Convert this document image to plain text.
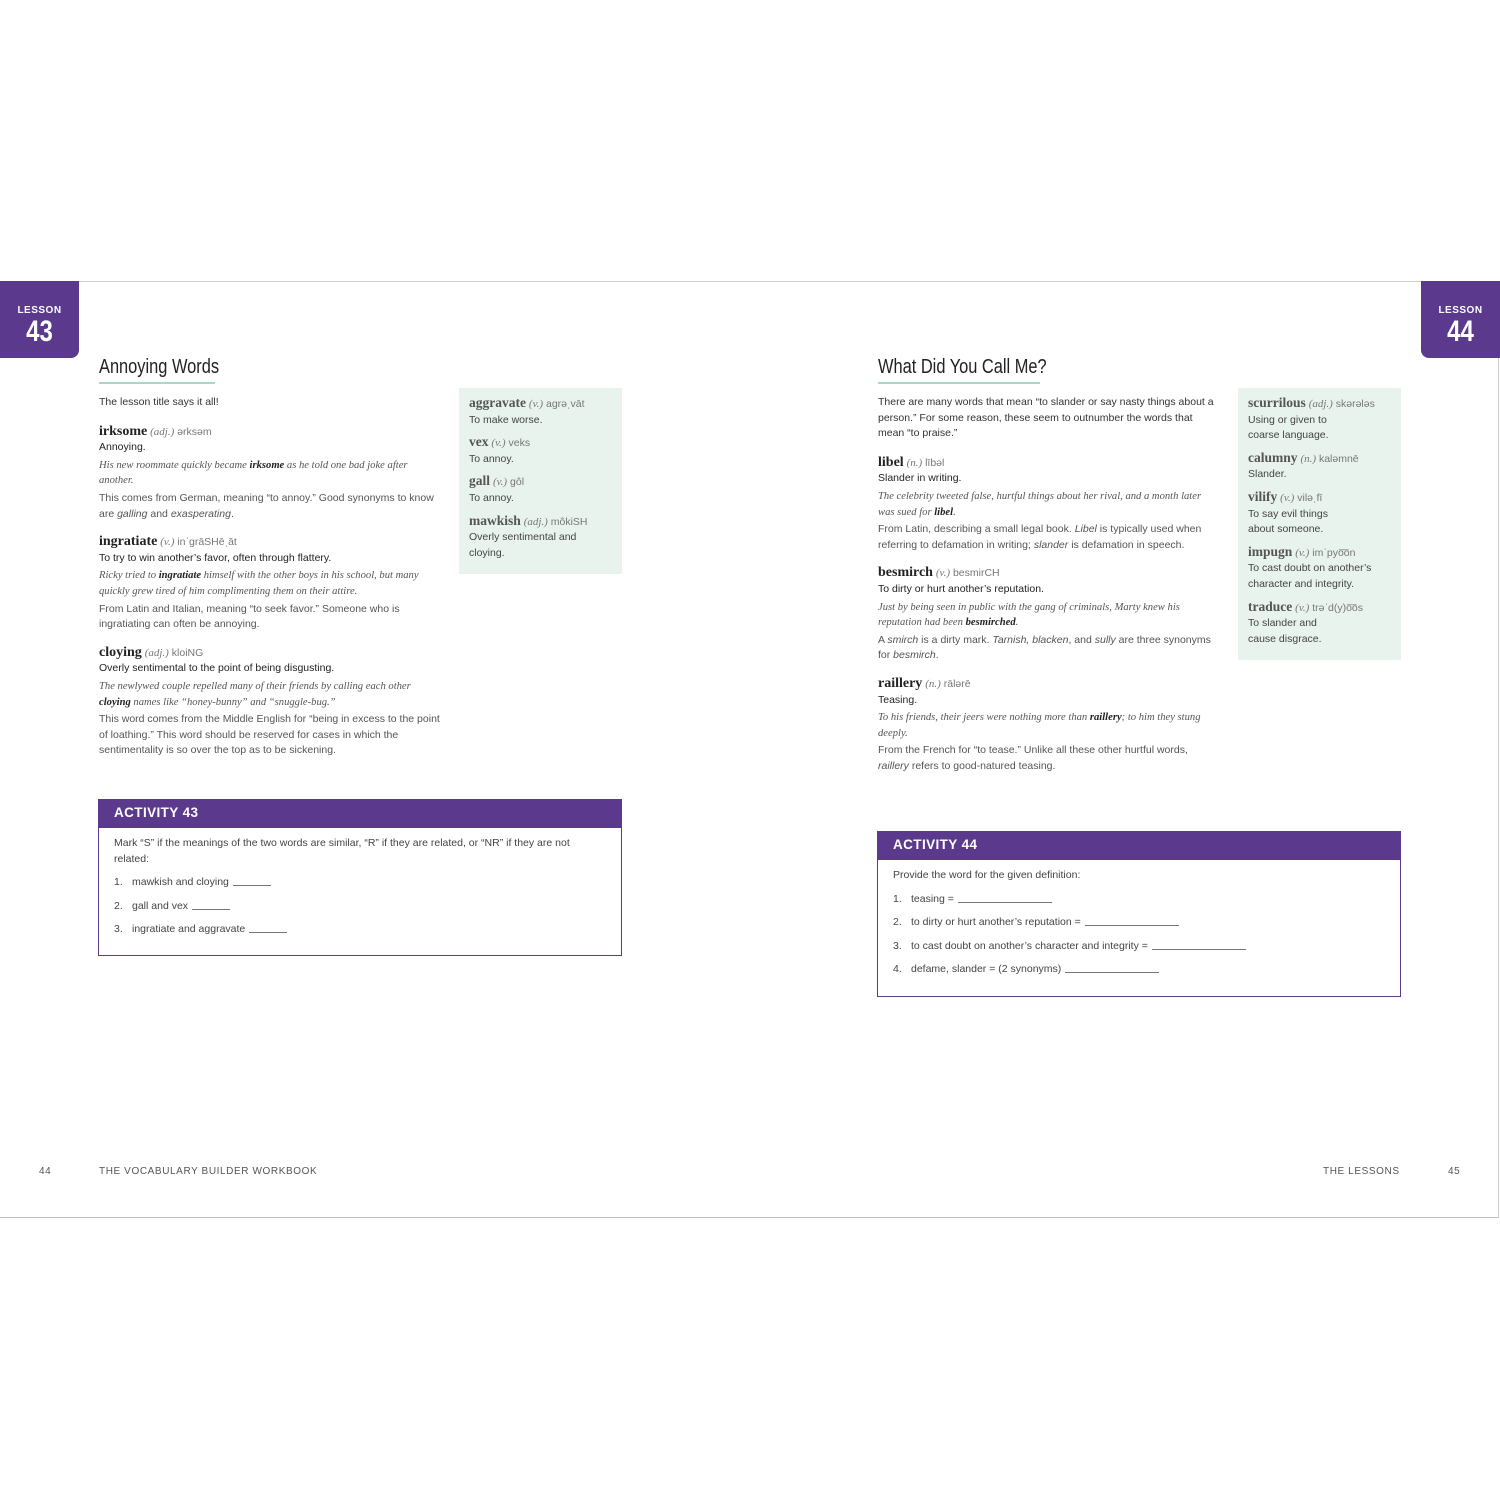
LESSON
43
LESSON
44
Annoying Words

The lesson title says it all!

irksome (adj.) ərksəm

Annoying.

His new roommate quickly became irksome as he told one bad joke after another.

This comes from German, meaning “to annoy.” Good synonyms to know are galling and exasperating.

ingratiate (v.) inˈɡrāSHēˌāt

To try to win another’s favor, often through flattery.

Ricky tried to ingratiate himself with the other boys in his school, but many quickly grew tired of him complimenting them on their attire.

From Latin and Italian, meaning “to seek favor.” Someone who is ingratiating can often be annoying.

cloying (adj.) kloiNG

Overly sentimental to the point of being disgusting.

The newlywed couple repelled many of their friends by calling each other cloying names like “honey-bunny” and “snuggle-bug.”

This word comes from the Middle English for “being in excess to the point of loathing.” This word should be reserved for cases in which the sentimentality is so over the top as to be sickening.

aggravate (v.) aɡrəˌvāt
To make worse.
vex (v.) veks
To annoy.
gall (v.) ɡôl
To annoy.
mawkish (adj.) môkiSH
Overly sentimental and cloying.
ACTIVITY 43

Mark “S” if the meanings of the two words are similar, “R” if they are related, or “NR” if they are not related:

1. mawkish and cloying
2. gall and vex
3. ingratiate and aggravate
What Did You Call Me?

There are many words that mean “to slander or say nasty things about a person.” For some reason, these seem to outnumber the words that mean “to praise.”

libel (n.) lībəl

Slander in writing.

The celebrity tweeted false, hurtful things about her rival, and a month later was sued for libel.

From Latin, describing a small legal book. Libel is typically used when referring to defamation in writing; slander is defamation in speech.

besmirch (v.) besmirCH

To dirty or hurt another’s reputation.

Just by being seen in public with the gang of criminals, Marty knew his reputation had been besmirched.

A smirch is a dirty mark. Tarnish, blacken, and sully are three synonyms for besmirch.

raillery (n.) rālərē

Teasing.

To his friends, their jeers were nothing more than raillery; to him they stung deeply.

From the French for “to tease.” Unlike all these other hurtful words, raillery refers to good-natured teasing.

scurrilous (adj.) skərələs
Using or given to coarse language.
calumny (n.) kaləmnē
Slander.
vilify (v.) viləˌfī
To say evil things about someone.
impugn (v.) imˈpyo͞on
To cast doubt on another’s character and integrity.
traduce (v.) trəˈd(y)o͞os
To slander and cause disgrace.
ACTIVITY 44

Provide the word for the given definition:

1. teasing =
2. to dirty or hurt another’s reputation =
3. to cast doubt on another’s character and integrity =
4. defame, slander = (2 synonyms)
44	THE VOCABULARY BUILDER WORKBOOK	THE LESSONS	45
